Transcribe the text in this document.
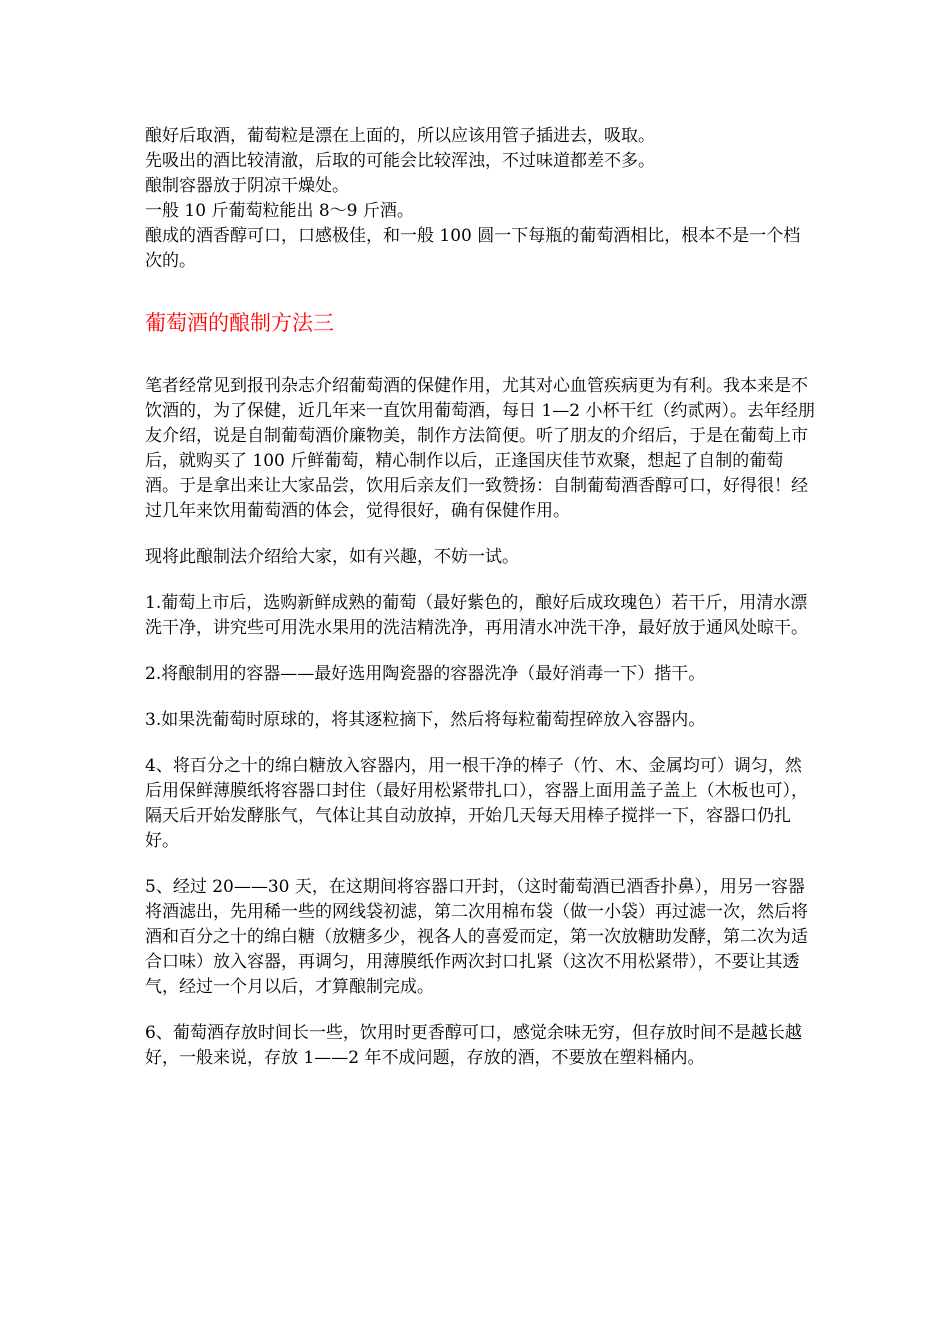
酿好后取酒，葡萄粒是漂在上面的，所以应该用管子插进去，吸取。

先吸出的酒比较清澈，后取的可能会比较浑浊，不过味道都差不多。

酿制容器放于阴凉干燥处。

一般 10 斤葡萄粒能出 8～9 斤酒。

酿成的酒香醇可口，口感极佳，和一般 100 圆一下每瓶的葡萄酒相比，根本不是一个档次的。

葡萄酒的酿制方法三

笔者经常见到报刊杂志介绍葡萄酒的保健作用，尤其对心血管疾病更为有利。我本来是不饮酒的，为了保健，近几年来一直饮用葡萄酒，每日 1—2 小杯干红（约贰两）。去年经朋友介绍，说是自制葡萄酒价廉物美，制作方法简便。听了朋友的介绍后，于是在葡萄上市后，就购买了 100 斤鲜葡萄，精心制作以后，正逢国庆佳节欢聚，想起了自制的葡萄酒。于是拿出来让大家品尝，饮用后亲友们一致赞扬：自制葡萄酒香醇可口，好得很！经过几年来饮用葡萄酒的体会，觉得很好，确有保健作用。

现将此酿制法介绍给大家，如有兴趣，不妨一试。

1.葡萄上市后，选购新鲜成熟的葡萄（最好紫色的，酿好后成玫瑰色）若干斤，用清水漂洗干净，讲究些可用洗水果用的洗洁精洗净，再用清水冲洗干净，最好放于通风处晾干。

2.将酿制用的容器——最好选用陶瓷器的容器洗净（最好消毒一下）揩干。

3.如果洗葡萄时原球的，将其逐粒摘下，然后将每粒葡萄捏碎放入容器内。

4、将百分之十的绵白糖放入容器内，用一根干净的棒子（竹、木、金属均可）调匀，然后用保鲜薄膜纸将容器口封住（最好用松紧带扎口），容器上面用盖子盖上（木板也可），隔天后开始发酵胀气，气体让其自动放掉，开始几天每天用棒子搅拌一下，容器口仍扎好。

5、经过 20——30 天，在这期间将容器口开封，（这时葡萄酒已酒香扑鼻），用另一容器将酒滤出，先用稀一些的网线袋初滤，第二次用棉布袋（做一小袋）再过滤一次，然后将酒和百分之十的绵白糖（放糖多少，视各人的喜爱而定，第一次放糖助发酵，第二次为适合口味）放入容器，再调匀，用薄膜纸作两次封口扎紧（这次不用松紧带），不要让其透气，经过一个月以后，才算酿制完成。

6、葡萄酒存放时间长一些，饮用时更香醇可口，感觉余味无穷，但存放时间不是越长越好，一般来说，存放 1——2 年不成问题，存放的酒，不要放在塑料桶内。
